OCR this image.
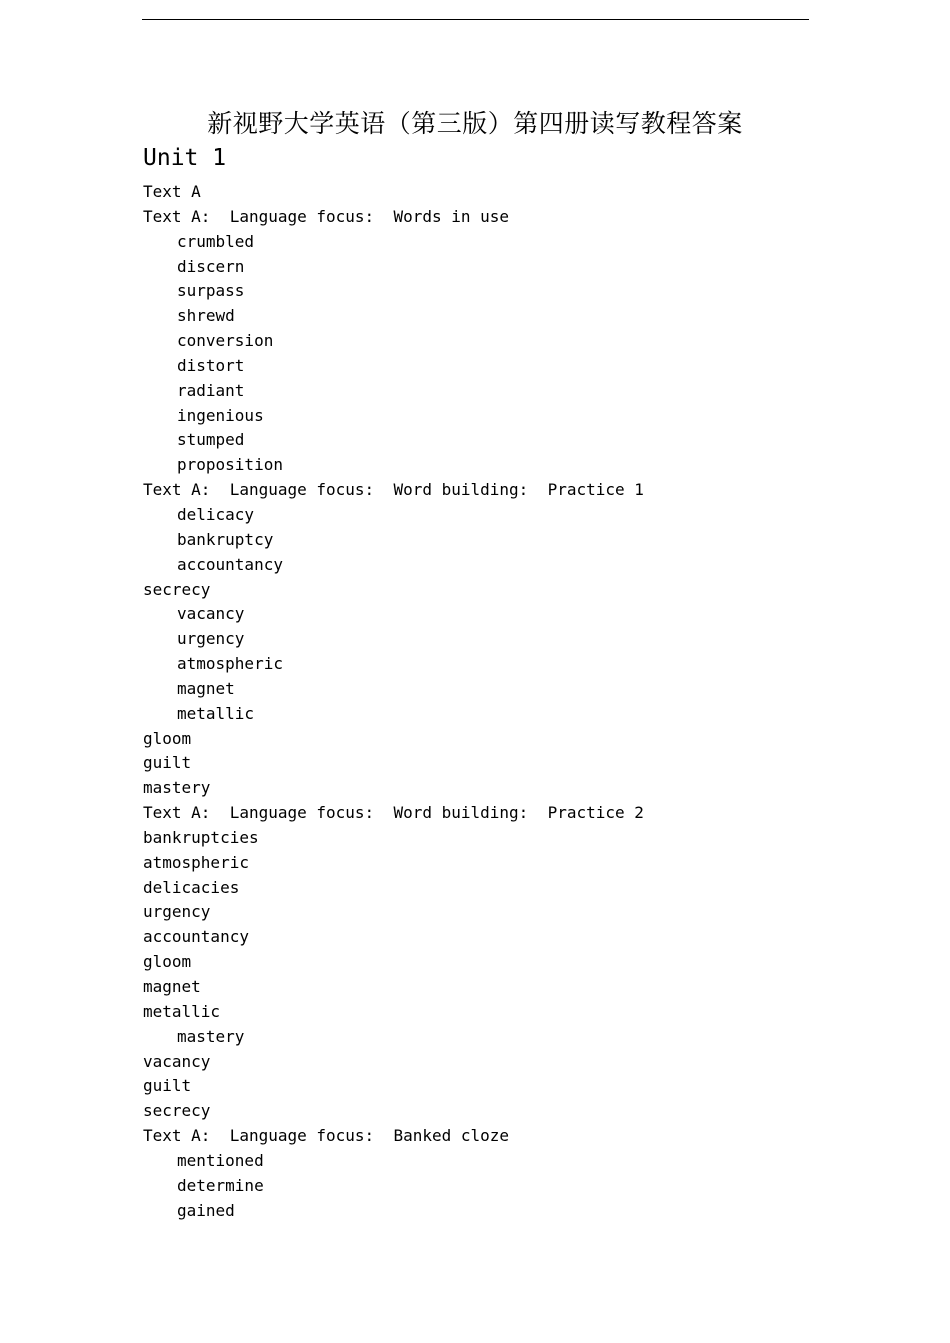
新视野大学英语（第三版）第四册读写教程答案
Unit 1
Text A
Text A:  Language focus:  Words in use
crumbled
discern
surpass
shrewd
conversion
distort
radiant
ingenious
stumped
proposition
Text A:  Language focus:  Word building:  Practice 1
delicacy
bankruptcy
accountancy
secrecy
vacancy
urgency
atmospheric
magnet
metallic
gloom
guilt
mastery
Text A:  Language focus:  Word building:  Practice 2
bankruptcies
atmospheric
delicacies
urgency
accountancy
gloom
magnet
metallic
mastery
vacancy
guilt
secrecy
Text A:  Language focus:  Banked cloze
mentioned
determine
gained
